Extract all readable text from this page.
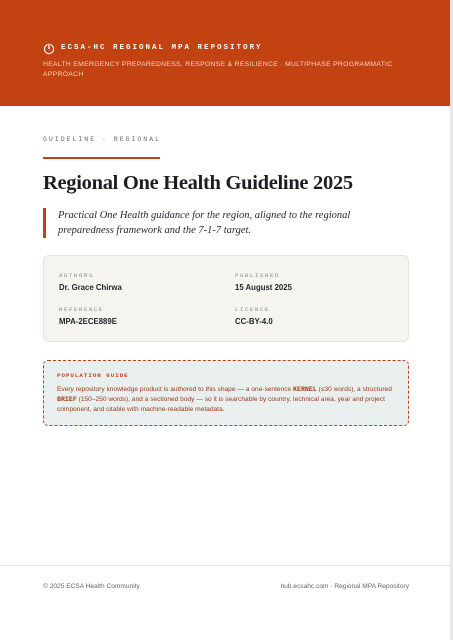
ECSA-HC REGIONAL MPA REPOSITORY
HEALTH EMERGENCY PREPAREDNESS, RESPONSE & RESILIENCE · MULTIPHASE PROGRAMMATIC APPROACH
GUIDELINE · REGIONAL
Regional One Health Guideline 2025
Practical One Health guidance for the region, aligned to the regional preparedness framework and the 7-1-7 target.
AUTHORS
Dr. Grace Chirwa
PUBLISHED
15 August 2025
REFERENCE
MPA-2ECE889E
LICENCE
CC-BY-4.0
POPULATION GUIDE
Every repository knowledge product is authored to this shape — a one-sentence KERNEL (≤30 words), a structured BRIEF (150–250 words), and a sectioned body — so it is searchable by country, technical area, year and project component, and citable with machine-readable metadata.
© 2025 ECSA Health Community	hub.ecsahc.com · Regional MPA Repository
